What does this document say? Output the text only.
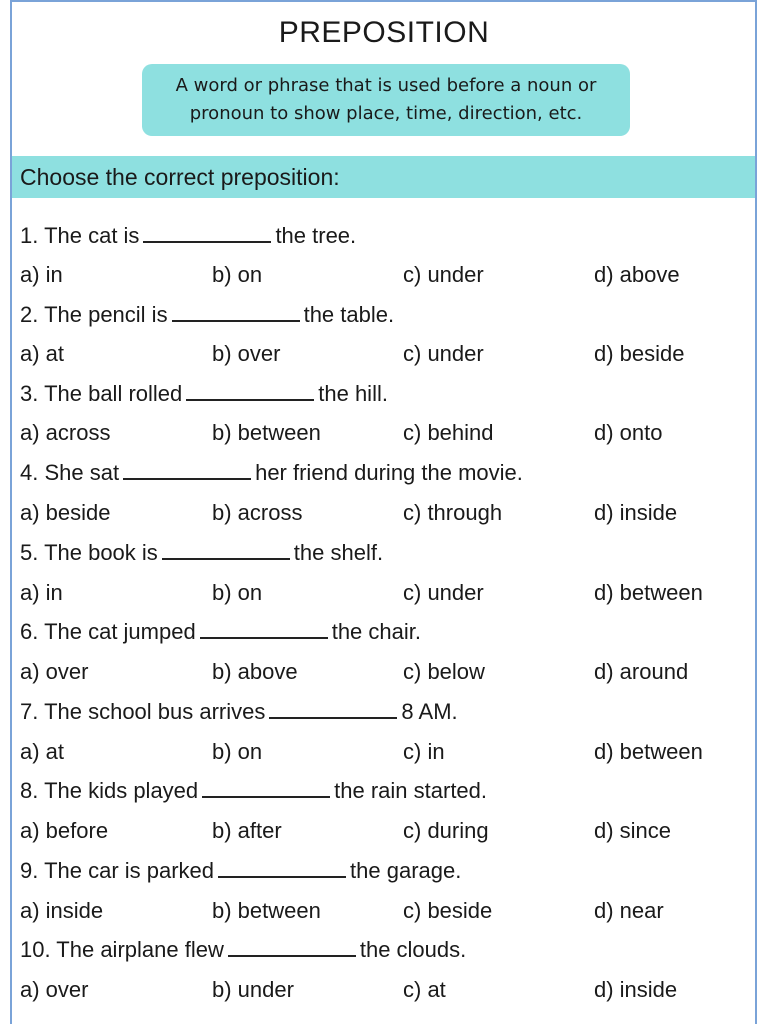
PREPOSITION
A word or phrase that is used before a noun or
pronoun to show place, time, direction, etc.
Choose the correct preposition:
1. The cat is	the tree.
a) in	b) on	c) under	d) above
2. The pencil is	the table.
a) at	b) over	c) under	d) beside
3. The ball rolled	the hill.
a) across	b) between	c) behind	d) onto
4. She sat	her friend during the movie.
a) beside	b) across	c) through	d) inside
5. The book is	the shelf.
a) in	b) on	c) under	d) between
6. The cat jumped	the chair.
a) over	b) above	c) below	d) around
7. The school bus arrives	8 AM.
a) at	b) on	c) in	d) between
8. The kids played	the rain started.
a) before	b) after	c) during	d) since
9. The car is parked	the garage.
a) inside	b) between	c) beside	d) near
10. The airplane flew	the clouds.
a) over	b) under	c) at	d) inside
